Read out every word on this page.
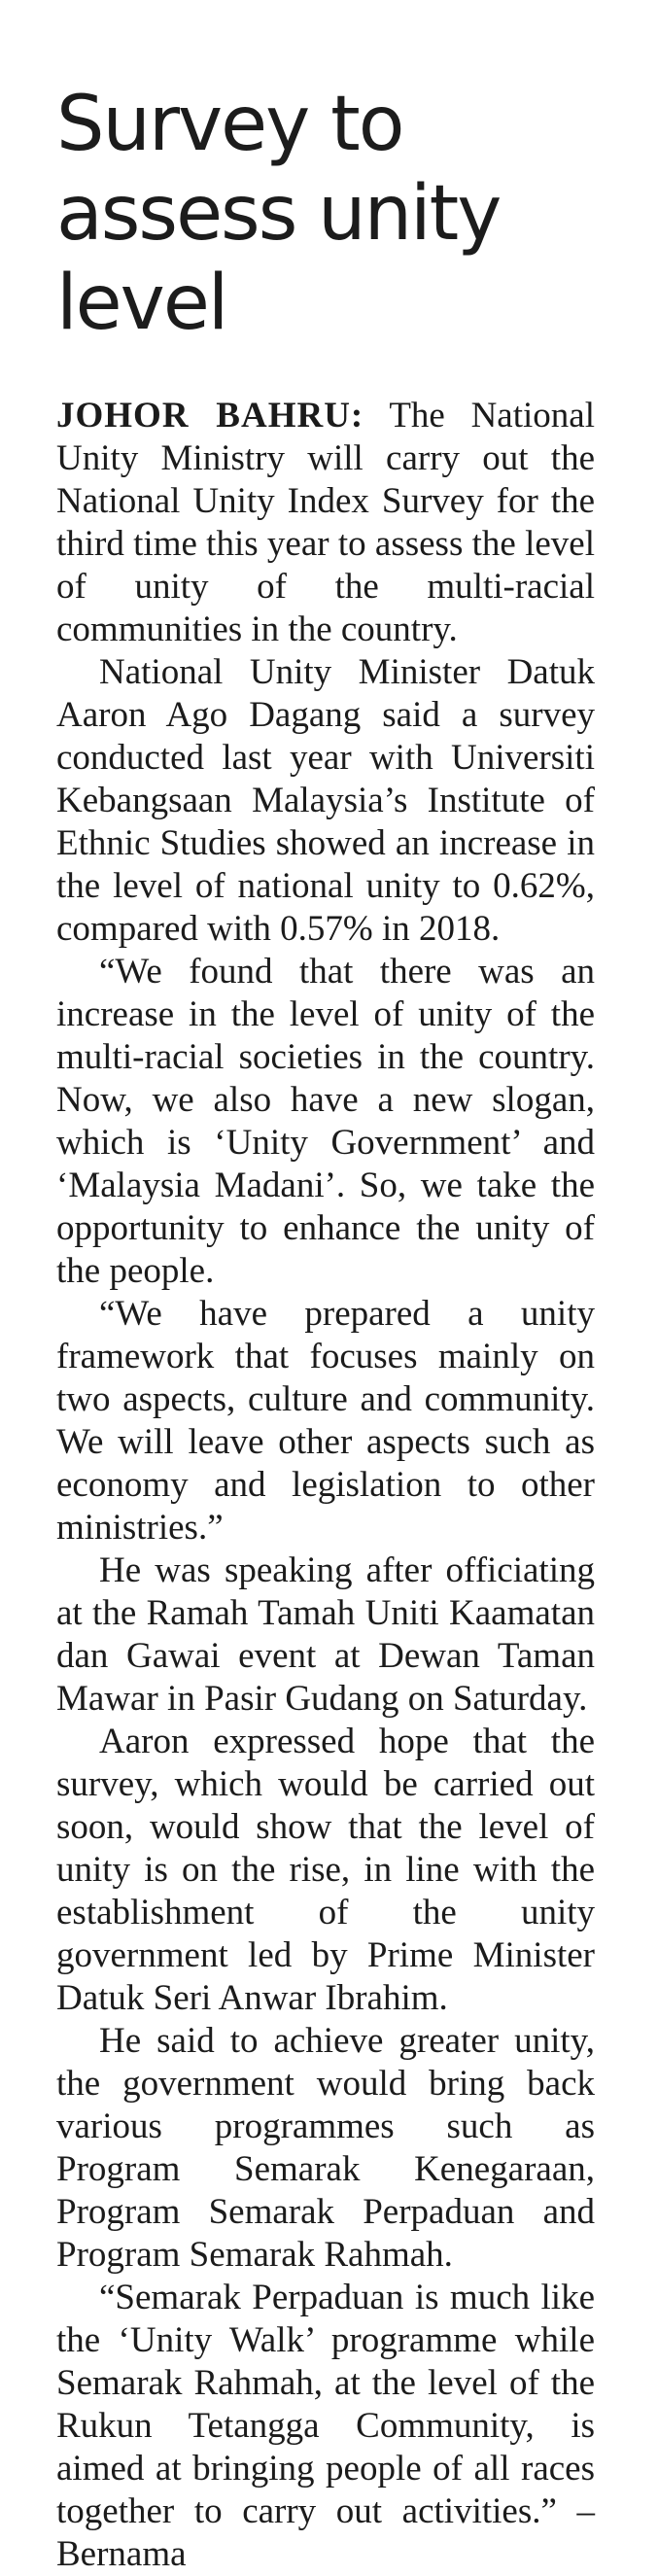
Survey to assess unity level

JOHOR BAHRU: The National Unity Ministry will carry out the National Unity Index Survey for the third time this year to assess the level of unity of the multi-racial communities in the country.

National Unity Minister Datuk Aaron Ago Dagang said a survey conducted last year with Universiti Kebangsaan Malaysia’s Institute of Ethnic Studies showed an increase in the level of national unity to 0.62%, compared with 0.57% in 2018.

“We found that there was an increase in the level of unity of the multi-racial societies in the country. Now, we also have a new slogan, which is ‘Unity Government’ and ‘Malaysia Madani’. So, we take the opportunity to enhance the unity of the people.

“We have prepared a unity framework that focuses mainly on two aspects, culture and community. We will leave other aspects such as economy and legislation to other ministries.”

He was speaking after officiating at the Ramah Tamah Uniti Kaamatan dan Gawai event at Dewan Taman Mawar in Pasir Gudang on Saturday.

Aaron expressed hope that the survey, which would be carried out soon, would show that the level of unity is on the rise, in line with the establishment of the unity government led by Prime Minister Datuk Seri Anwar Ibrahim.

He said to achieve greater unity, the government would bring back various programmes such as Program Semarak Kenegaraan, Program Semarak Perpaduan and Program Semarak Rahmah.

“Semarak Perpaduan is much like the ‘Unity Walk’ programme while Semarak Rahmah, at the level of the Rukun Tetangga Community, is aimed at bringing people of all races together to carry out activities.” – Bernama
